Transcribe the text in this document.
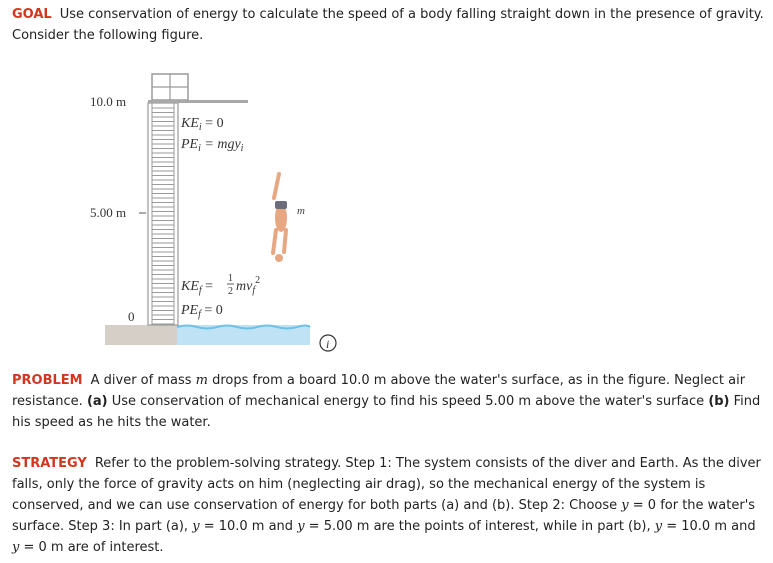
GOAL Use conservation of energy to calculate the speed of a body falling straight down in the presence of gravity. Consider the following figure.
10.0 m
5.00 m
0
$KE_i = 0$
$PE_i = mgy_i$
m
$KE_f$ =
1
2 $mv_f^2$
$PE_f = 0$
i
PROBLEM A diver of mass m drops from a board 10.0 m above the water's surface, as in the figure. Neglect air resistance. (a) Use conservation of mechanical energy to find his speed 5.00 m above the water's surface (b) Find his speed as he hits the water.
STRATEGY Refer to the problem-solving strategy. Step 1: The system consists of the diver and Earth. As the diver falls, only the force of gravity acts on him (neglecting air drag), so the mechanical energy of the system is conserved, and we can use conservation of energy for both parts (a) and (b). Step 2: Choose y = 0 for the water's surface. Step 3: In part (a), y = 10.0 m and y = 5.00 m are the points of interest, while in part (b), y = 10.0 m and y = 0 m are of interest.
